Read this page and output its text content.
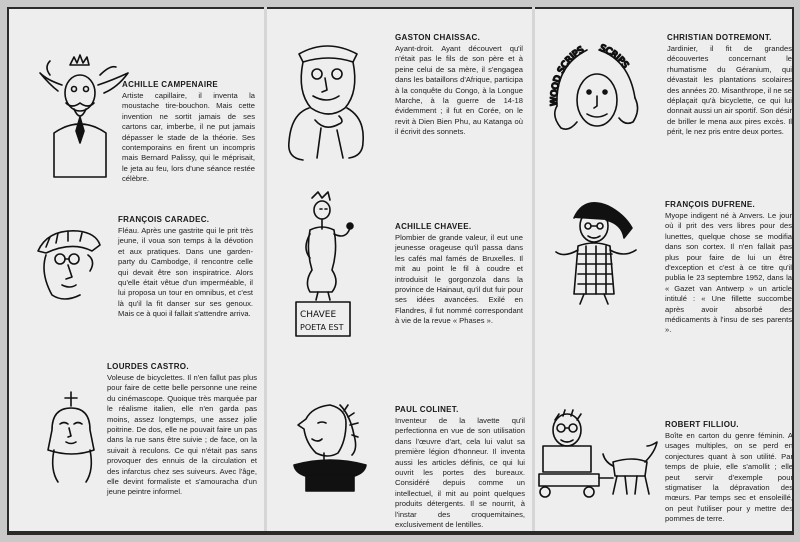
ACHILLE CAMPENAIRE

Artiste capillaire, il inventa la moustache tire-bouchon. Mais cette invention ne sortit jamais de ses cartons car, imberbe, il ne put jamais dépasser le stade de la théorie. Ses contemporains en firent un incompris mais Bernard Palissy, qui le méprisait, le jeta au feu, lors d'une séance restée célèbre.

FRANÇOIS CARADEC.

Fléau. Après une gastrite qui le prit très jeune, il voua son temps à la dévotion et aux pratiques. Dans une garden-party du Cambodge, il rencontre celle qui devait être son inspiratrice. Alors qu'elle était vêtue d'un imperméable, il lui proposa un tour en omnibus, et c'est là qu'il la fit danser sur ses genoux. Mais ce à quoi il fallait s'attendre arriva.

LOURDES CASTRO.

Voleuse de bicyclettes. Il n'en fallut pas plus pour faire de cette belle personne une reine du cinémascope. Quoique très marquée par le réalisme italien, elle n'en garda pas moins, assez longtemps, une assez jolie poitrine. De dos, elle ne pouvait faire un pas dans la rue sans être suivie ; de face, on la suivait à reculons. Ce qui n'était pas sans provoquer des ennuis de la circulation et des infarctus chez ses suiveurs. Avec l'âge, elle devint formaliste et s'amouracha d'un jeune peintre informel.

GASTON CHAISSAC.

Ayant-droit. Ayant découvert qu'il n'était pas le fils de son père et à peine celui de sa mère, il s'engagea dans les bataillons d'Afrique, participa à la conquête du Congo, à la Longue Marche, à la guerre de 14-18 évidemment ; il fut en Corée, on le revit à Dien Bien Phu, au Katanga où il écrivit des sonnets.

CHAVEE
POETA EST
ACHILLE CHAVEE.

Plombier de grande valeur, il eut une jeunesse orageuse qu'il passa dans les cafés mal famés de Bruxelles. Il mit au point le fil à coudre et introduisit le gorgonzola dans la province de Hainaut, qu'il dut fuir pour ses idées avancées. Exilé en Flandres, il fut nommé correspondant à vie de la revue « Phases ».

PAUL COLINET.

Inventeur de la lavette qu'il perfectionna en vue de son utilisation dans l'œuvre d'art, cela lui valut sa première légion d'honneur. Il inventa aussi les articles définis, ce qui lui ouvrit les portes des bureaux. Considéré depuis comme un intellectuel, il mit au point quelques produits détergents. Il se nourrit, à l'instar des croquemitaines, exclusivement de lentilles.

WOOD SCRIPS SCRIPS
CHRISTIAN DOTREMONT.

Jardinier, il fit de grandes découvertes concernant le rhumatisme du Géranium, qui dévastait les plantations scolaires des années 20. Misanthrope, il ne se déplaçait qu'à bicyclette, ce qui lui donnait aussi un air sportif. Son désir de briller le mena aux pires excès. Il périt, le nez pris entre deux portes.

FRANÇOIS DUFRENE.

Myope indigent né à Anvers. Le jour où il prit des vers libres pour des lunettes, quelque chose se modifia dans son cortex. Il n'en fallait pas plus pour faire de lui un être d'exception et c'est à ce titre qu'il publia le 23 septembre 1952, dans la « Gazet van Antwerp » un article intitulé : « Une fillette succombe après avoir absorbé des médicaments à l'insu de ses parents ».

ROBERT FILLIOU.

Boîte en carton du genre féminin. A usages multiples, on se perd en conjectures quant à son utilité. Par temps de pluie, elle s'amollit ; elle peut servir d'exemple pour stigmatiser la dépravation des mœurs. Par temps sec et ensoleillé, on peut l'utiliser pour y mettre des pommes de terre.
